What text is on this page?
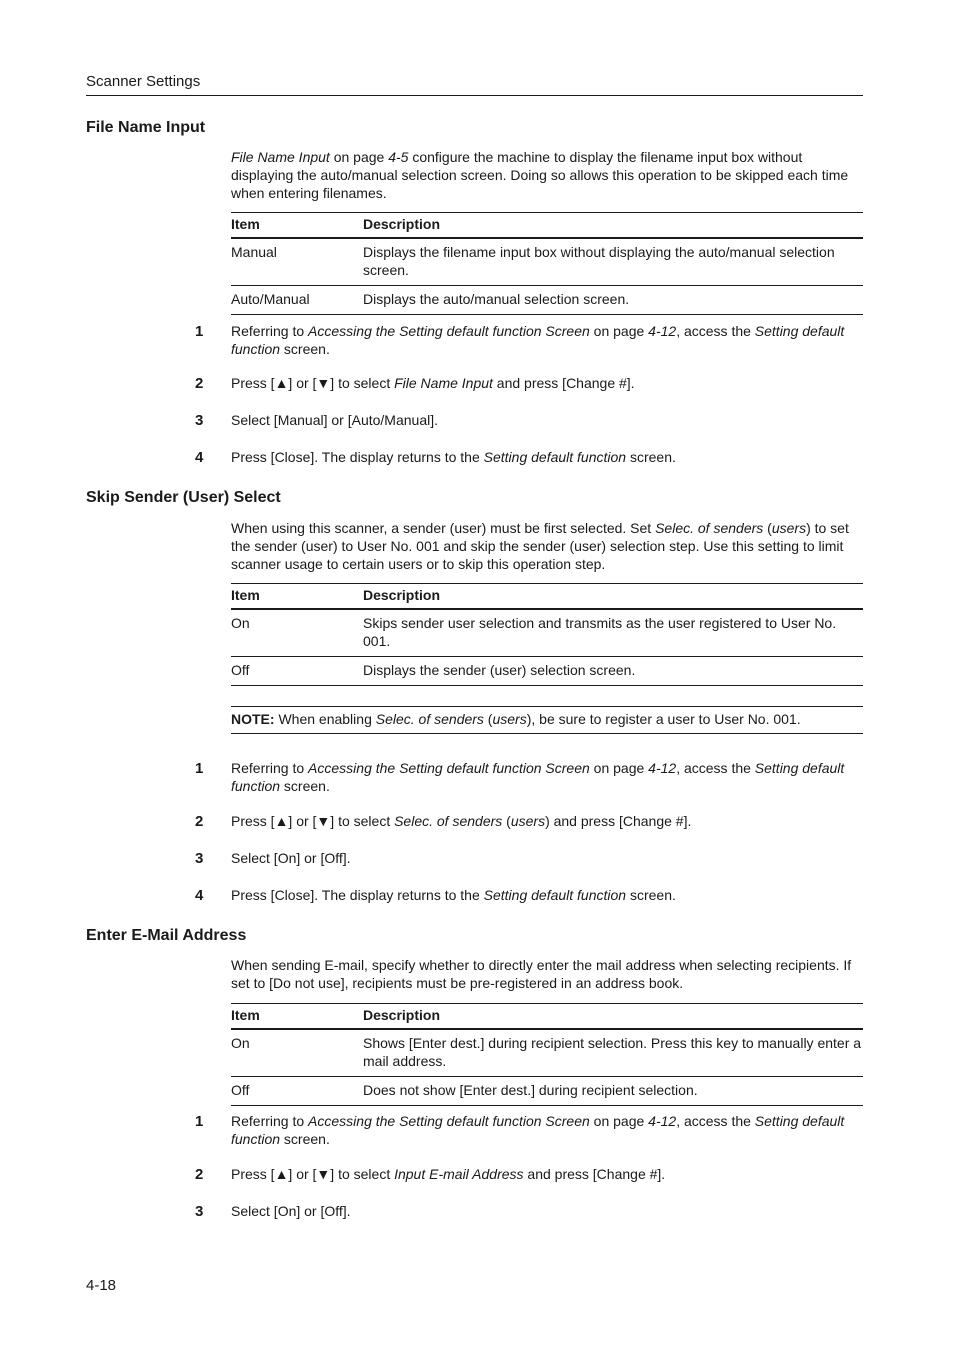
Scanner Settings
File Name Input

File Name Input on page 4-5 configure the machine to display the filename input box without displaying the auto/manual selection screen. Doing so allows this operation to be skipped each time when entering filenames.

Item	Description
Manual	Displays the filename input box without displaying the auto/manual selection screen.
Auto/Manual	Displays the auto/manual selection screen.
1	Referring to Accessing the Setting default function Screen on page 4-12, access the Setting default function screen.
2	Press [▲] or [▼] to select File Name Input and press [Change #].
3	Select [Manual] or [Auto/Manual].
4	Press [Close]. The display returns to the Setting default function screen.
Skip Sender (User) Select

When using this scanner, a sender (user) must be first selected. Set Selec. of senders (users) to set the sender (user) to User No. 001 and skip the sender (user) selection step. Use this setting to limit scanner usage to certain users or to skip this operation step.

Item	Description
On	Skips sender user selection and transmits as the user registered to User No. 001.
Off	Displays the sender (user) selection screen.
NOTE: When enabling Selec. of senders (users), be sure to register a user to User No. 001.
1	Referring to Accessing the Setting default function Screen on page 4-12, access the Setting default function screen.
2	Press [▲] or [▼] to select Selec. of senders (users) and press [Change #].
3	Select [On] or [Off].
4	Press [Close]. The display returns to the Setting default function screen.
Enter E-Mail Address

When sending E-mail, specify whether to directly enter the mail address when selecting recipients. If set to [Do not use], recipients must be pre-registered in an address book.

Item	Description
On	Shows [Enter dest.] during recipient selection. Press this key to manually enter a mail address.
Off	Does not show [Enter dest.] during recipient selection.
1	Referring to Accessing the Setting default function Screen on page 4-12, access the Setting default function screen.
2	Press [▲] or [▼] to select Input E-mail Address and press [Change #].
3	Select [On] or [Off].
4-18
